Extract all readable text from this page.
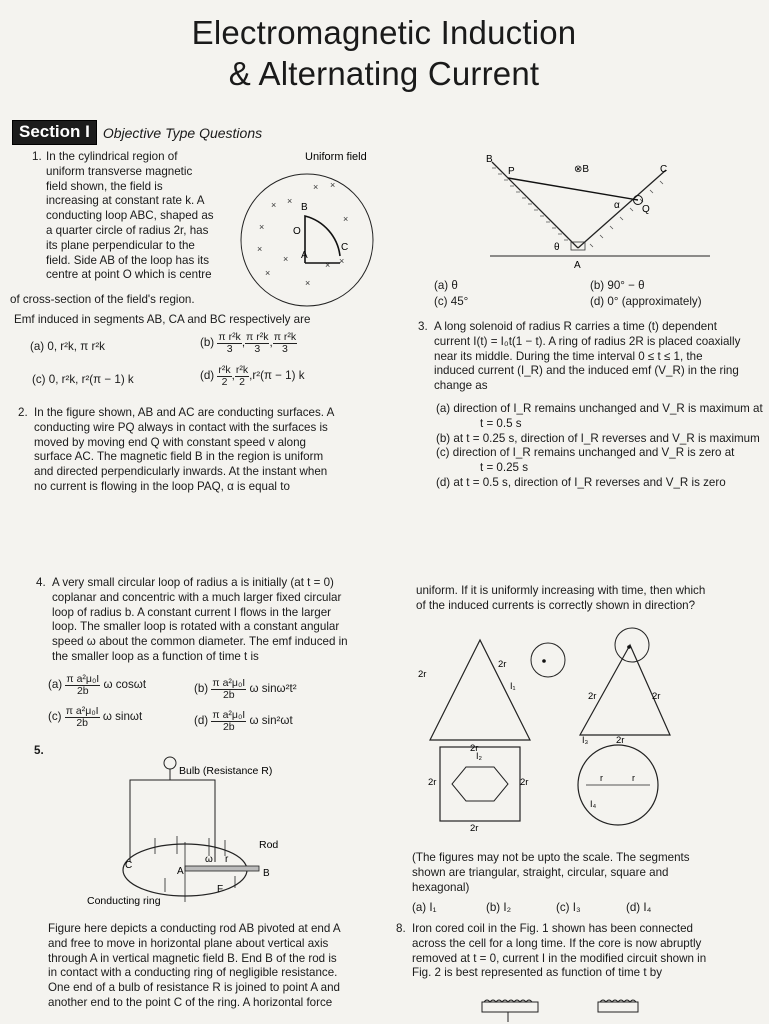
Electromagnetic Induction
& Alternating Current
Section I Objective Type Questions
1. In the cylindrical region of
uniform transverse magnetic
field shown, the field is
increasing at constant rate k. A
conducting loop ABC, shaped as
a quarter circle of radius 2r, has
its plane perpendicular to the
field. Side AB of the loop has its
centre at point O which is centre
of cross-section of the field's region.
Emf induced in segments AB, CA and BC respectively are
Uniform field
× ×
×
×
×
×
×
×	×
×
×
×
B
O
A
C
(a) 0, r²k, π r²k	(b)
$\frac{\text{π r²k}}{3}$ , $\frac{\text{π r²k}}{3}$ , $\frac{\text{π r²k}}{3}$
(c) 0, r²k, r²(π − 1) k	(d)
$\frac{\text{r²k}}{2}$ , $\frac{\text{r²k}}{2}$ , r²(π − 1) k
2. In the figure shown, AB and AC are conducting surfaces. A
conducting wire PQ always in contact with the surfaces is
moved by moving end Q with constant speed v along
surface AC. The magnetic field B in the region is uniform
and directed perpendicularly inwards. At the instant when
no current is flowing in the loop PAQ, α is equal to
B
⊗B
P	C
α Q
θ
A
(a) θ	(b) 90° − θ
(c) 45°	(d) 0° (approximately)
3. A long solenoid of radius R carries a time (t) dependent
current I(t) = I₀t(1 − t). A ring of radius 2R is placed coaxially
near its middle. During the time interval 0 ≤ t ≤ 1, the
induced current (I_R) and the induced emf (V_R) in the ring
change as
(a) direction of I_R remains unchanged and V_R is maximum at
t = 0.5 s
(b) at t = 0.25 s, direction of I_R reverses and V_R is maximum
(c) direction of I_R remains unchanged and V_R is zero at
t = 0.25 s
(d) at t = 0.5 s, direction of I_R reverses and V_R is zero
4. A very small circular loop of radius a is initially (at t = 0)
coplanar and concentric with a much larger fixed circular
loop of radius b. A constant current I flows in the larger
loop. The smaller loop is rotated with a constant angular
speed ω about the common diameter. The emf induced in
the smaller loop as a function of time t is
(a)
$\frac{\text{π a²μ₀I}}{2b}$
ω cosωt	(b)
$\frac{\text{π a²μ₀I}}{2b}$
ω sinω²t²
(c)
$\frac{\text{π a²μ₀I}}{2b}$
ω sinωt	(d)
$\frac{\text{π a²μ₀I}}{2b}$
ω sin²ωt
5.
Bulb (Resistance R)
Rod
C
A	B
ω r
F
Conducting ring
Figure here depicts a conducting rod AB pivoted at end A
and free to move in horizontal plane about vertical axis
through A in vertical magnetic field B. End B of the rod is
in contact with a conducting ring of negligible resistance.
One end of a bulb of resistance R is joined to point A and
another end to the point C of the ring. A horizontal force
uniform. If it is uniformly increasing with time, then which
of the induced currents is correctly shown in direction?
2r
2r
2r
I₁
2r	2r
I₃	2r
I₂
2r	2r
2r
r	r
I₄
(The figures may not be upto the scale. The segments
shown are triangular, straight, circular, square and
hexagonal)
(a) I₁	(b) I₂	(c) I₃	(d) I₄
8. Iron cored coil in the Fig. 1 shown has been connected
across the cell for a long time. If the core is now abruptly
removed at t = 0, current I in the modified circuit shown in
Fig. 2 is best represented as function of time t by
